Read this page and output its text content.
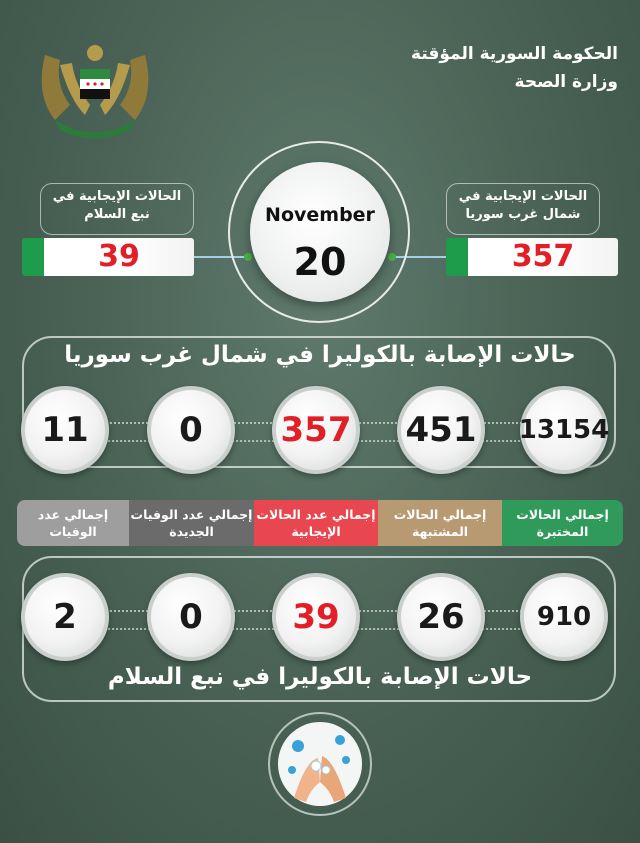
الحكومة السورية المؤقتة
وزارة الصحة
الحالات الإيجابية في نبع السلام
39
الحالات الإيجابية في شمال غرب سوريا
357
November
20
حالات الإصابة بالكوليرا في شمال غرب سوريا
11	0	357 451	13154
إجمالي عدد الوفيات
إجمالي عدد الوفيات الجديدة
إجمالي عدد الحالات الإيجابية
إجمالي الحالات المشتبهة
إجمالي الحالات المختبرة
2	0	39	26	910
حالات الإصابة بالكوليرا في نبع السلام
